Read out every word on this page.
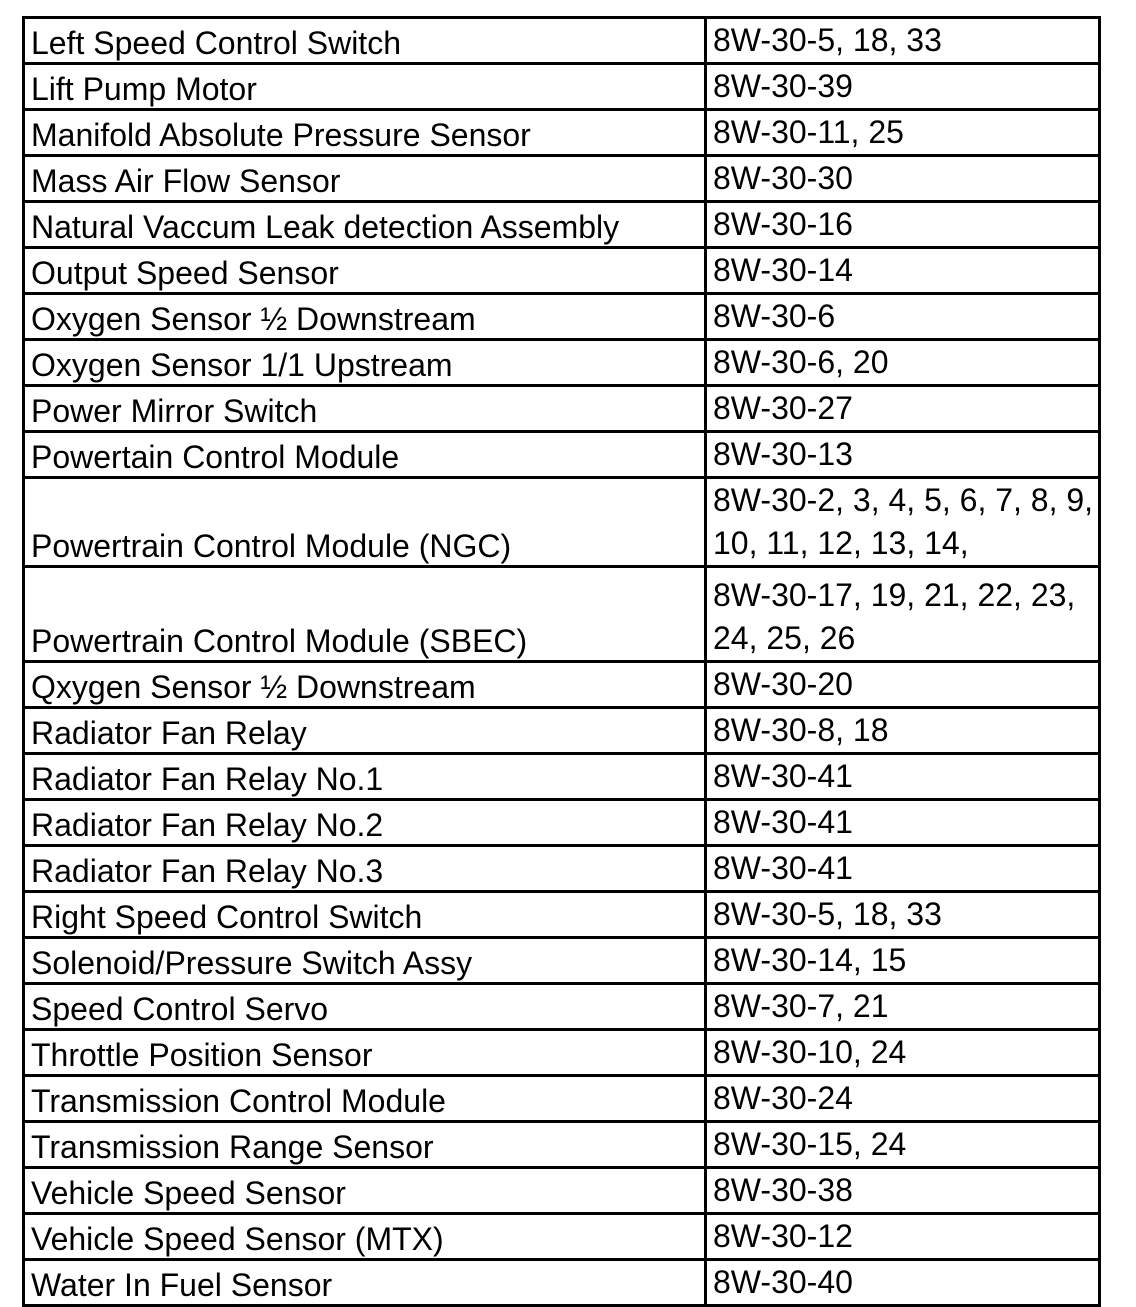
Left Speed Control Switch	8W-30-5, 18, 33
Lift Pump Motor	8W-30-39
Manifold Absolute Pressure Sensor	8W-30-11, 25
Mass Air Flow Sensor	8W-30-30
Natural Vaccum Leak detection Assembly	8W-30-16
Output Speed Sensor	8W-30-14
Oxygen Sensor ½ Downstream	8W-30-6
Oxygen Sensor 1/1 Upstream	8W-30-6, 20
Power Mirror Switch	8W-30-27
Powertain Control Module	8W-30-13
Powertrain Control Module (NGC)	8W-30-2, 3, 4, 5, 6, 7, 8, 9, 10, 11, 12, 13, 14,
Powertrain Control Module (SBEC)	8W-30-17, 19, 21, 22, 23, 24, 25, 26
Qxygen Sensor ½ Downstream	8W-30-20
Radiator Fan Relay	8W-30-8, 18
Radiator Fan Relay No.1	8W-30-41
Radiator Fan Relay No.2	8W-30-41
Radiator Fan Relay No.3	8W-30-41
Right Speed Control Switch	8W-30-5, 18, 33
Solenoid/Pressure Switch Assy	8W-30-14, 15
Speed Control Servo	8W-30-7, 21
Throttle Position Sensor	8W-30-10, 24
Transmission Control Module	8W-30-24
Transmission Range Sensor	8W-30-15, 24
Vehicle Speed Sensor	8W-30-38
Vehicle Speed Sensor (MTX)	8W-30-12
Water In Fuel Sensor	8W-30-40
